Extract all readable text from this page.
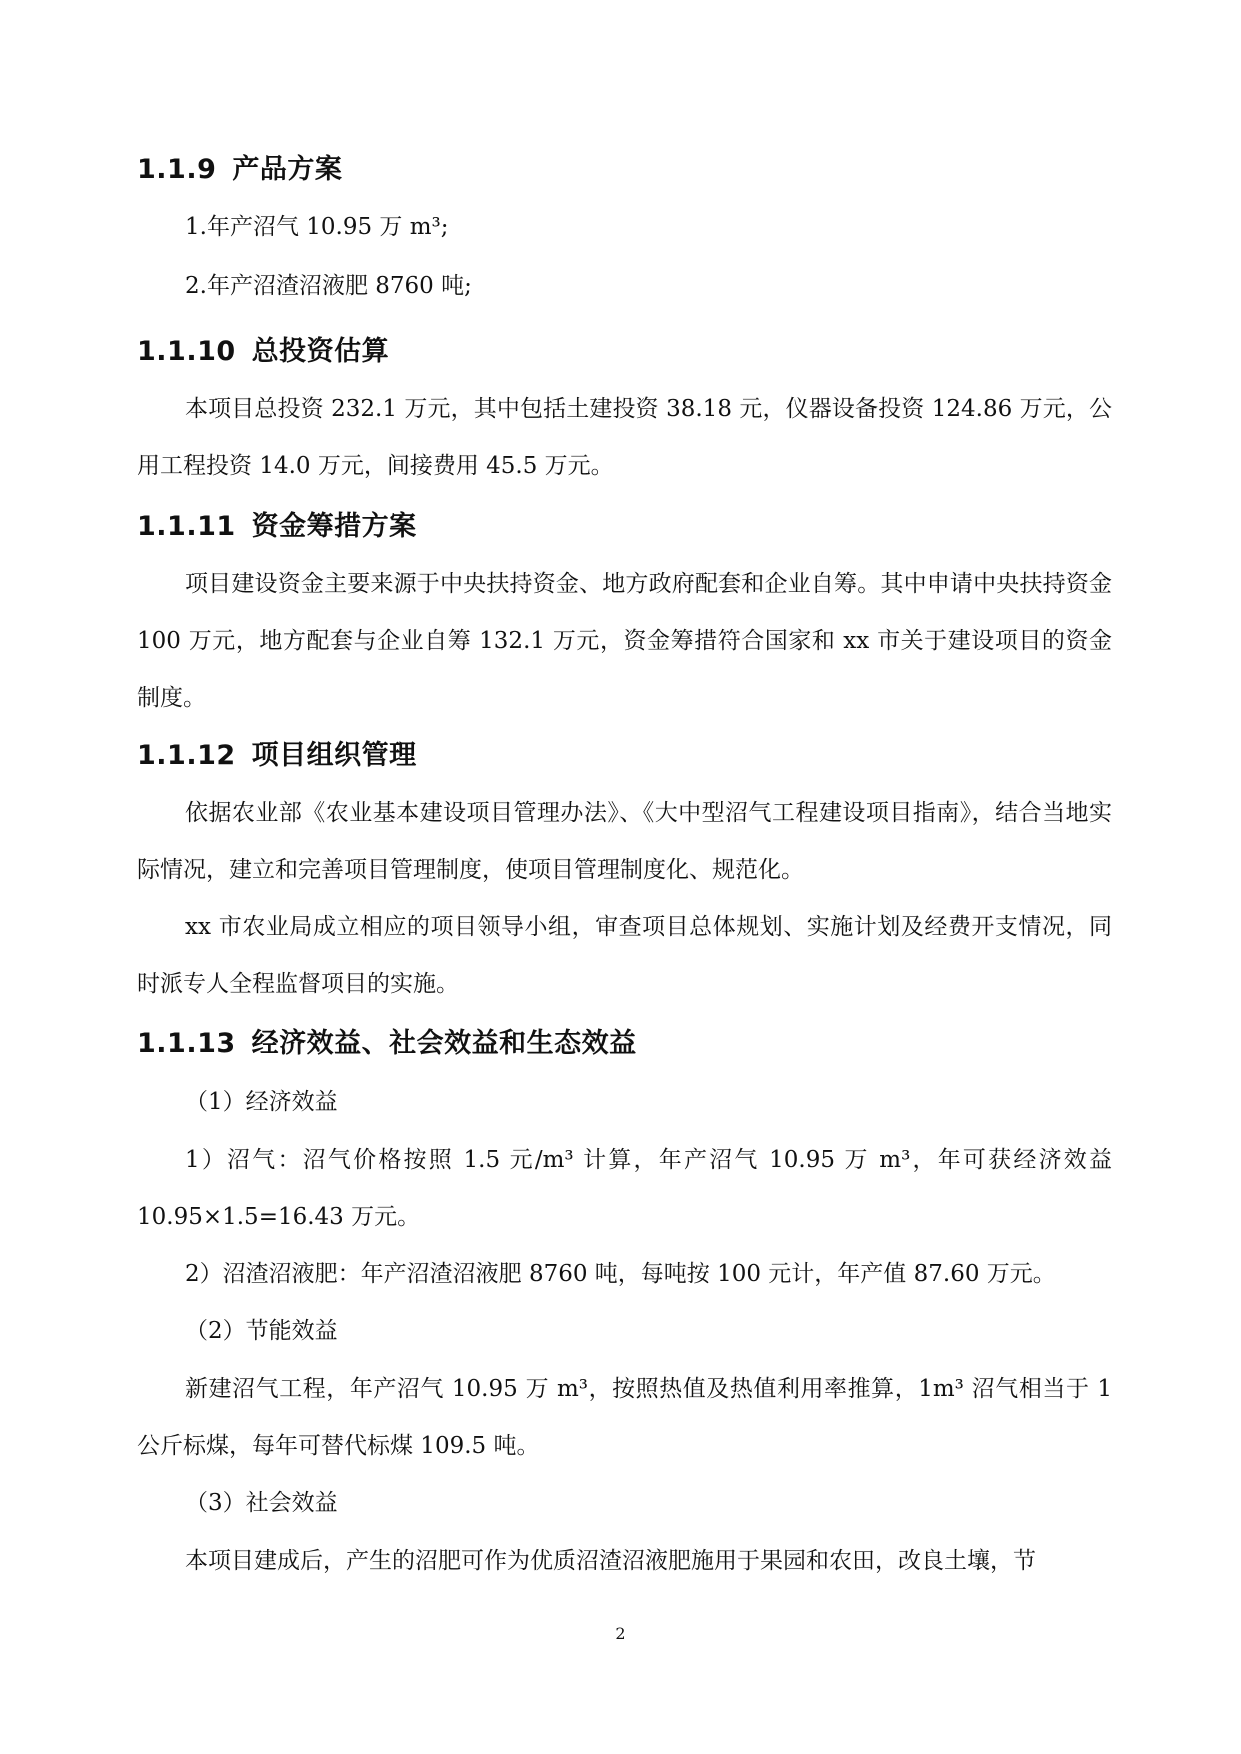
1.1.9 产品方案

1.年产沼气 10.95 万 m³;

2.年产沼渣沼液肥 8760 吨;

1.1.10 总投资估算

本项目总投资 232.1 万元，其中包括土建投资 38.18 元，仪器设备投资 124.86 万元，公用工程投资 14.0 万元，间接费用 45.5 万元。

1.1.11 资金筹措方案

项目建设资金主要来源于中央扶持资金、地方政府配套和企业自筹。其中申请中央扶持资金 100 万元，地方配套与企业自筹 132.1 万元，资金筹措符合国家和 xx 市关于建设项目的资金制度。

1.1.12 项目组织管理

依据农业部《农业基本建设项目管理办法》、《大中型沼气工程建设项目指南》，结合当地实际情况，建立和完善项目管理制度，使项目管理制度化、规范化。

xx 市农业局成立相应的项目领导小组，审查项目总体规划、实施计划及经费开支情况，同时派专人全程监督项目的实施。

1.1.13 经济效益、社会效益和生态效益

（1）经济效益

1）沼气：沼气价格按照 1.5 元/m³ 计算，年产沼气 10.95 万 m³，年可获经济效益 10.95×1.5=16.43 万元。

2）沼渣沼液肥：年产沼渣沼液肥 8760 吨，每吨按 100 元计，年产值 87.60 万元。

（2）节能效益

新建沼气工程，年产沼气 10.95 万 m³，按照热值及热值利用率推算，1m³ 沼气相当于 1 公斤标煤，每年可替代标煤 109.5 吨。

（3）社会效益

本项目建成后，产生的沼肥可作为优质沼渣沼液肥施用于果园和农田，改良土壤，节

2
